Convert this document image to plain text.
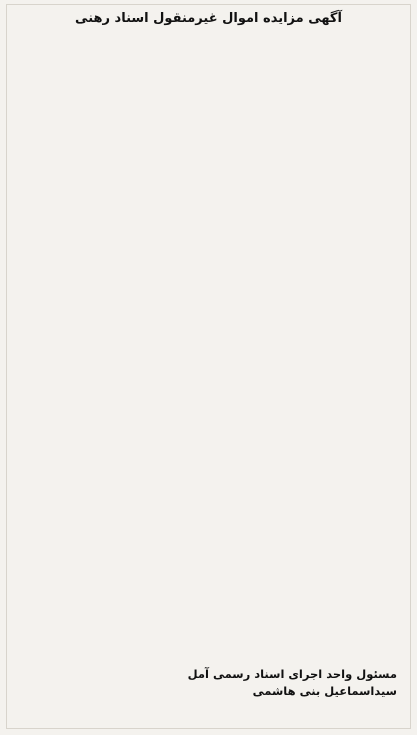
آگهی مزایده اموال غیرمنقول اسناد رهنی
مسئول واحد اجرای اسناد رسمی آمل
سیداسماعیل بنی هاشمی
